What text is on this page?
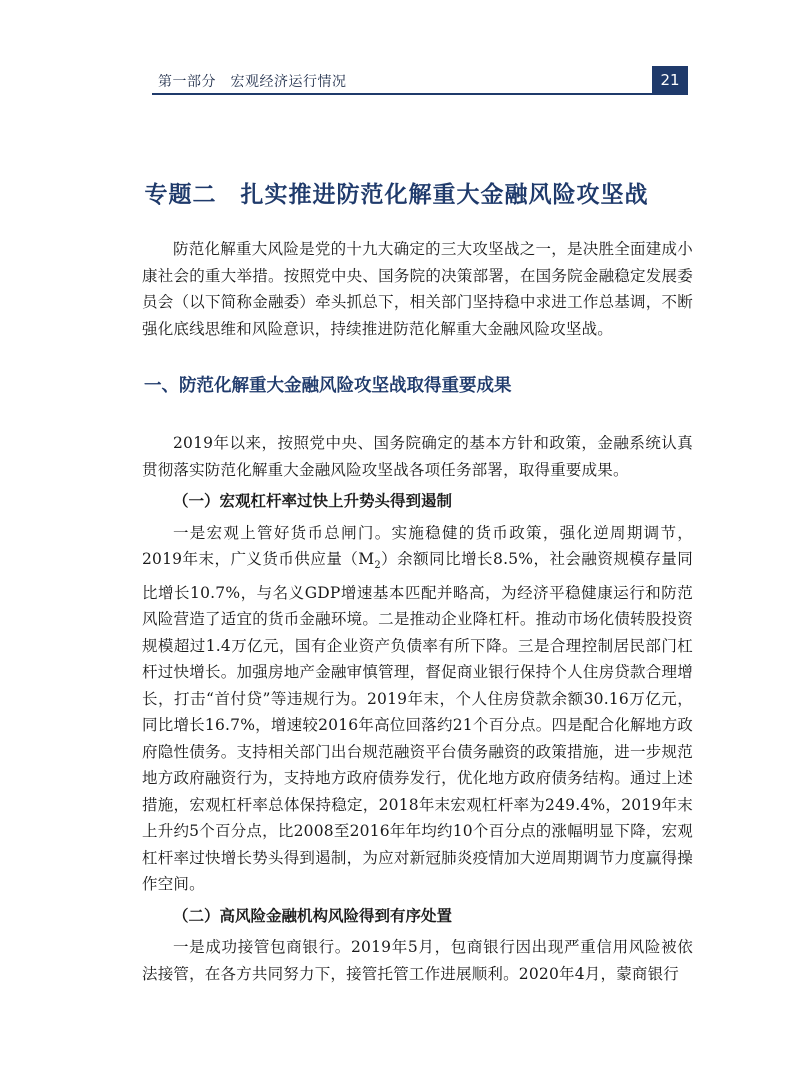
第一部分　宏观经济运行情况	21
专题二　扎实推进防范化解重大金融风险攻坚战

防范化解重大风险是党的十九大确定的三大攻坚战之一，是决胜全面建成小康社会的重大举措。按照党中央、国务院的决策部署，在国务院金融稳定发展委员会（以下简称金融委）牵头抓总下，相关部门坚持稳中求进工作总基调，不断强化底线思维和风险意识，持续推进防范化解重大金融风险攻坚战。

一、防范化解重大金融风险攻坚战取得重要成果

2019年以来，按照党中央、国务院确定的基本方针和政策，金融系统认真贯彻落实防范化解重大金融风险攻坚战各项任务部署，取得重要成果。

（一）宏观杠杆率过快上升势头得到遏制

一是宏观上管好货币总闸门。实施稳健的货币政策，强化逆周期调节，2019年末，广义货币供应量$(M_2)$余额同比增长8.5%，社会融资规模存量同比增长10.7%，与名义GDP增速基本匹配并略高，为经济平稳健康运行和防范风险营造了适宜的货币金融环境。二是推动企业降杠杆。推动市场化债转股投资规模超过1.4万亿元，国有企业资产负债率有所下降。三是合理控制居民部门杠杆过快增长。加强房地产金融审慎管理，督促商业银行保持个人住房贷款合理增长，打击“首付贷”等违规行为。2019年末，个人住房贷款余额30.16万亿元，同比增长16.7%，增速较2016年高位回落约21个百分点。四是配合化解地方政府隐性债务。支持相关部门出台规范融资平台债务融资的政策措施，进一步规范地方政府融资行为，支持地方政府债券发行，优化地方政府债务结构。通过上述措施，宏观杠杆率总体保持稳定，2018年末宏观杠杆率为249.4%，2019年末上升约5个百分点，比2008至2016年年均约10个百分点的涨幅明显下降，宏观杠杆率过快增长势头得到遏制，为应对新冠肺炎疫情加大逆周期调节力度赢得操作空间。

（二）高风险金融机构风险得到有序处置

一是成功接管包商银行。2019年5月，包商银行因出现严重信用风险被依法接管，在各方共同努力下，接管托管工作进展顺利。2020年4月，蒙商银行
